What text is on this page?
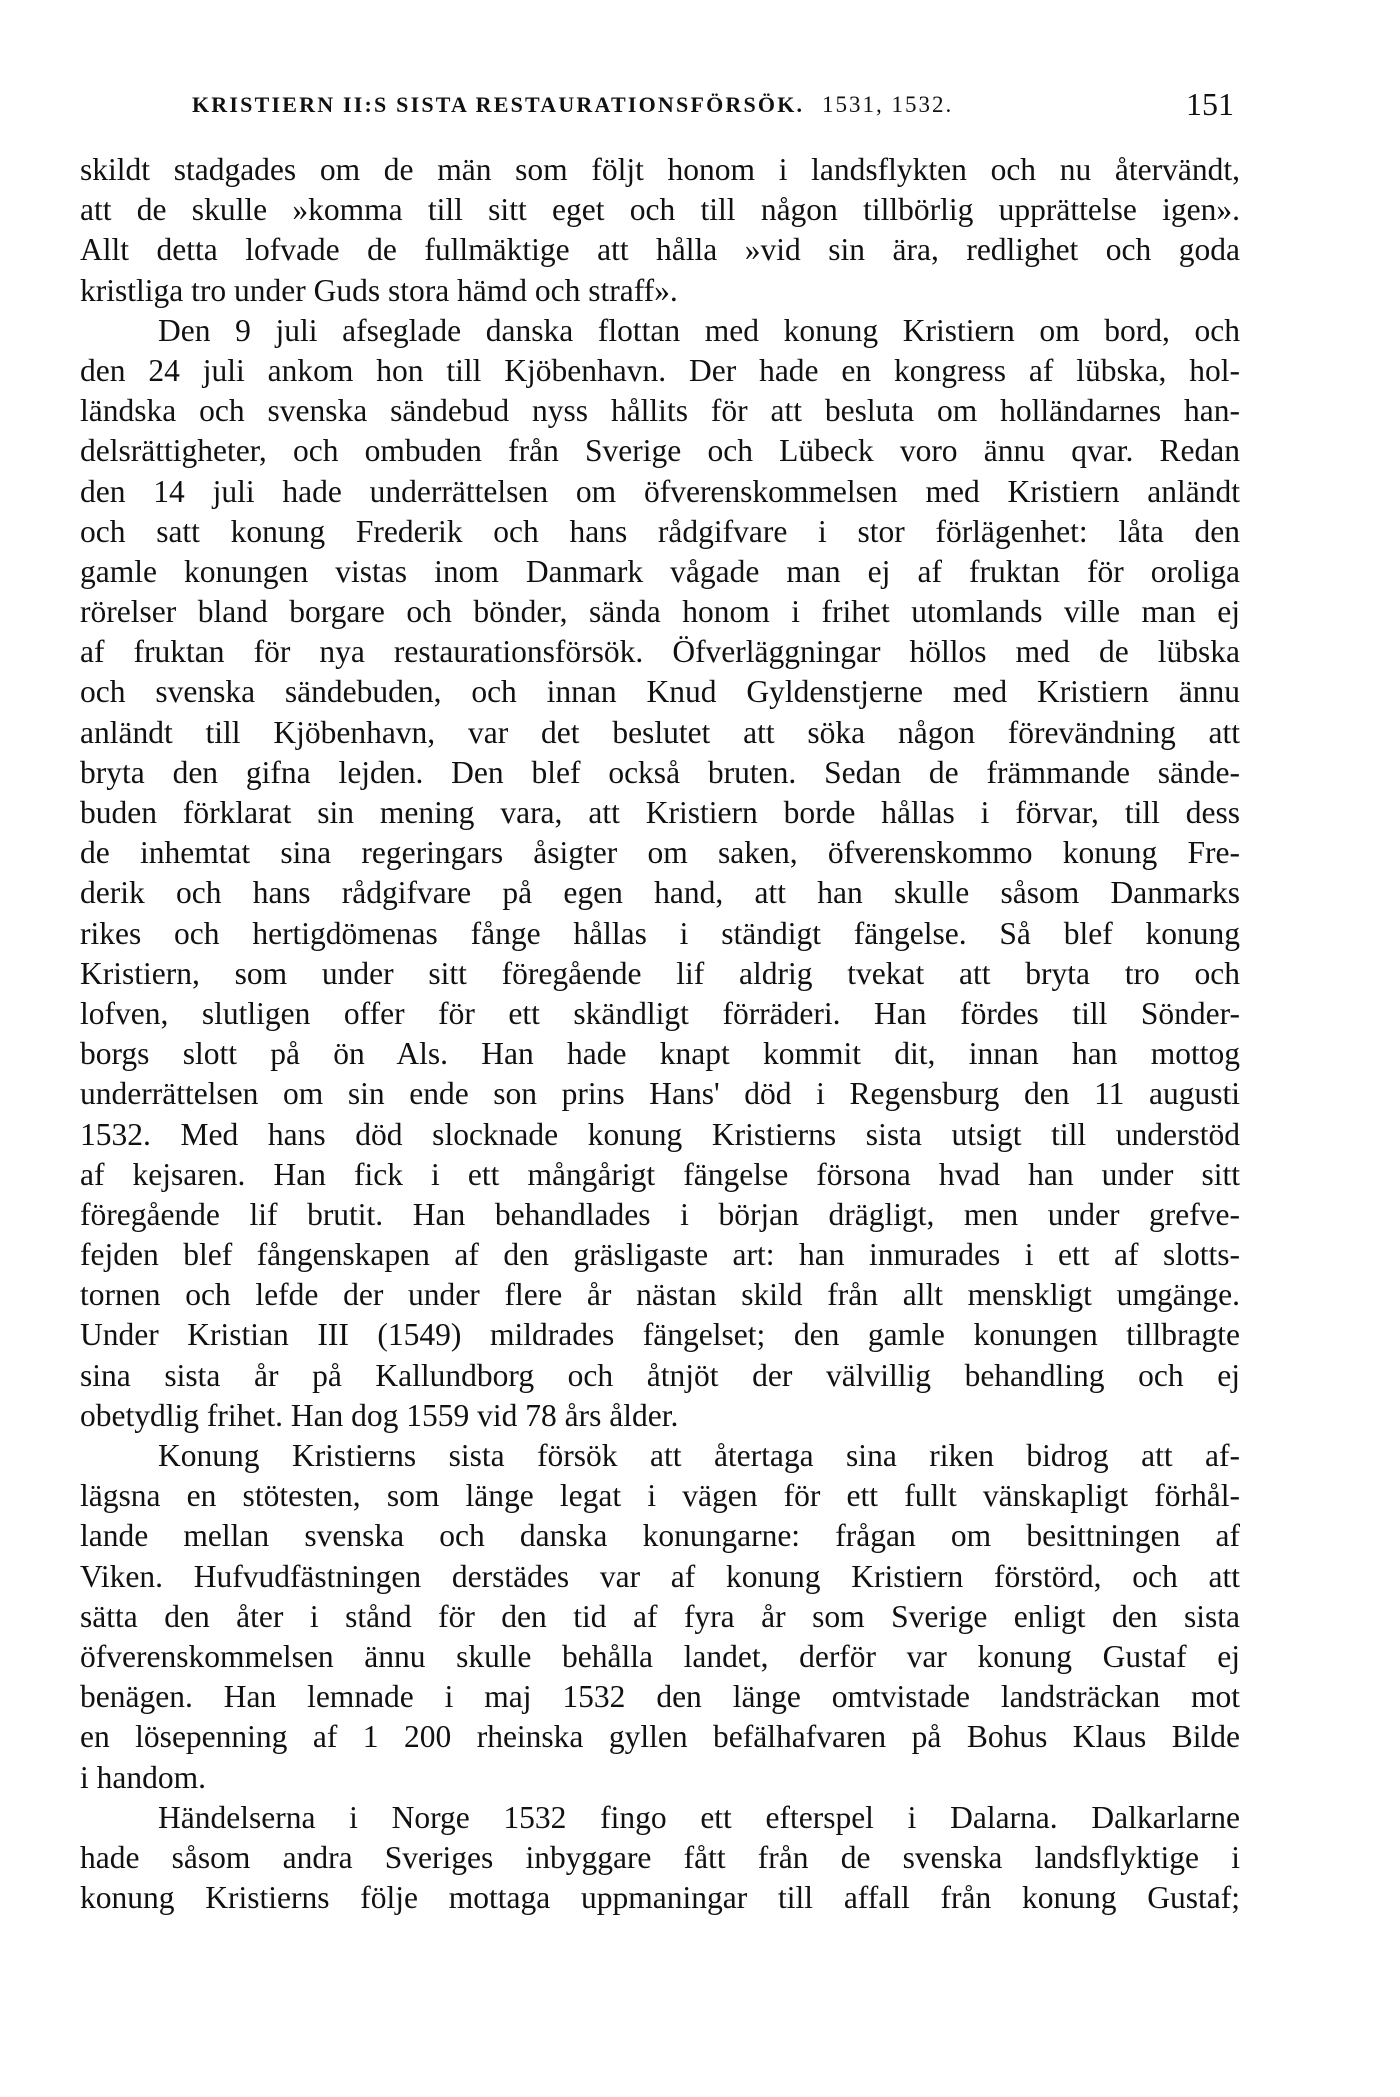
KRISTIERN II:S SISTA RESTAURATIONSFÖRSÖK. 1531, 1532.	151
skildt stadgades om de män som följt honom i landsflykten och nu återvändt,
att de skulle »komma till sitt eget och till någon tillbörlig upprättelse igen».
Allt detta lofvade de fullmäktige att hålla »vid sin ära, redlighet och goda
kristliga tro under Guds stora hämd och straff».
Den 9 juli afseglade danska flottan med konung Kristiern om bord, och
den 24 juli ankom hon till Kjöbenhavn. Der hade en kongress af lübska, hol-
ländska och svenska sändebud nyss hållits för att besluta om holländarnes han-
delsrättigheter, och ombuden från Sverige och Lübeck voro ännu qvar. Redan
den 14 juli hade underrättelsen om öfverenskommelsen med Kristiern anländt
och satt konung Frederik och hans rådgifvare i stor förlägenhet: låta den
gamle konungen vistas inom Danmark vågade man ej af fruktan för oroliga
rörelser bland borgare och bönder, sända honom i frihet utomlands ville man ej
af fruktan för nya restaurationsförsök. Öfverläggningar höllos med de lübska
och svenska sändebuden, och innan Knud Gyldenstjerne med Kristiern ännu
anländt till Kjöbenhavn, var det beslutet att söka någon förevändning att
bryta den gifna lejden. Den blef också bruten. Sedan de främmande sände-
buden förklarat sin mening vara, att Kristiern borde hållas i förvar, till dess
de inhemtat sina regeringars åsigter om saken, öfverenskommo konung Fre-
derik och hans rådgifvare på egen hand, att han skulle såsom Danmarks
rikes och hertigdömenas fånge hållas i ständigt fängelse. Så blef konung
Kristiern, som under sitt föregående lif aldrig tvekat att bryta tro och
lofven, slutligen offer för ett skändligt förräderi. Han fördes till Sönder-
borgs slott på ön Als. Han hade knapt kommit dit, innan han mottog
underrättelsen om sin ende son prins Hans' död i Regensburg den 11 augusti
1532. Med hans död slocknade konung Kristierns sista utsigt till understöd
af kejsaren. Han fick i ett mångårigt fängelse försona hvad han under sitt
föregående lif brutit. Han behandlades i början drägligt, men under grefve-
fejden blef fångenskapen af den gräsligaste art: han inmurades i ett af slotts-
tornen och lefde der under flere år nästan skild från allt menskligt umgänge.
Under Kristian III (1549) mildrades fängelset; den gamle konungen tillbragte
sina sista år på Kallundborg och åtnjöt der välvillig behandling och ej
obetydlig frihet. Han dog 1559 vid 78 års ålder.
Konung Kristierns sista försök att återtaga sina riken bidrog att af-
lägsna en stötesten, som länge legat i vägen för ett fullt vänskapligt förhål-
lande mellan svenska och danska konungarne: frågan om besittningen af
Viken. Hufvudfästningen derstädes var af konung Kristiern förstörd, och att
sätta den åter i stånd för den tid af fyra år som Sverige enligt den sista
öfverenskommelsen ännu skulle behålla landet, derför var konung Gustaf ej
benägen. Han lemnade i maj 1532 den länge omtvistade landsträckan mot
en lösepenning af 1 200 rheinska gyllen befälhafvaren på Bohus Klaus Bilde
i handom.
Händelserna i Norge 1532 fingo ett efterspel i Dalarna. Dalkarlarne
hade såsom andra Sveriges inbyggare fått från de svenska landsflyktige i
konung Kristierns följe mottaga uppmaningar till affall från konung Gustaf;
